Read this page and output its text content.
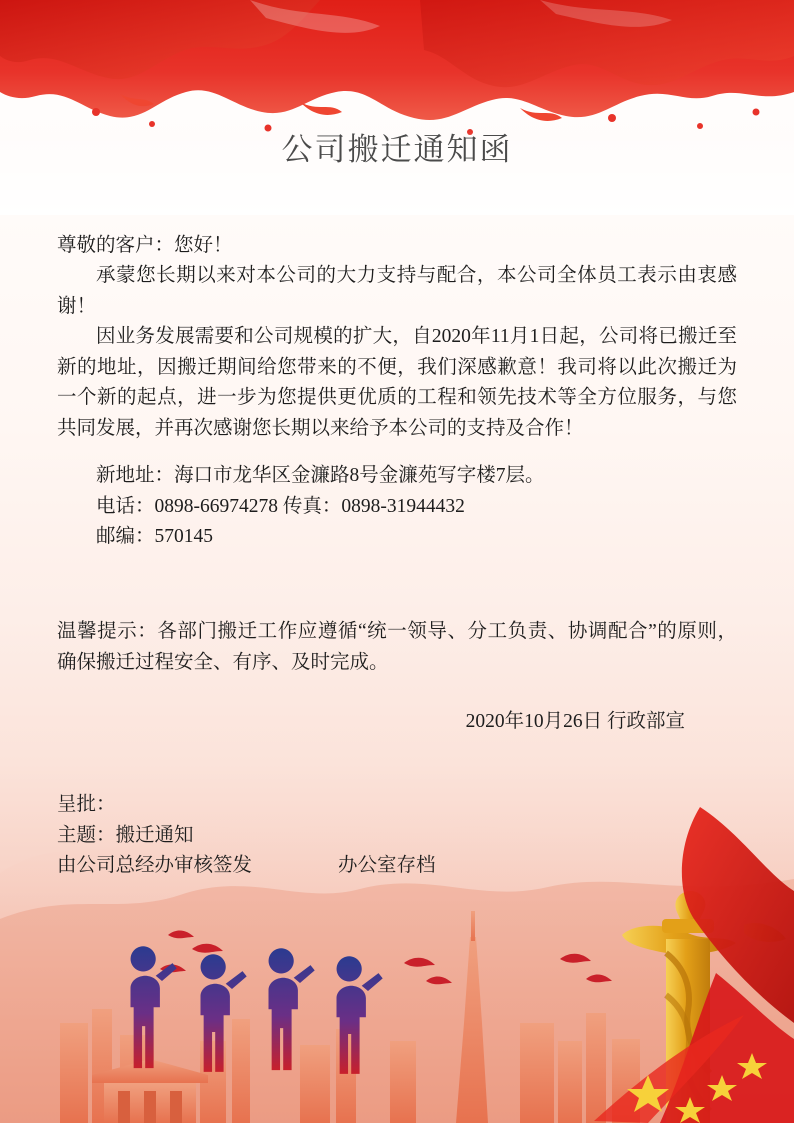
公司搬迁通知函
尊敬的客户：您好！
承蒙您长期以来对本公司的大力支持与配合，本公司全体员工表示由衷感谢！
因业务发展需要和公司规模的扩大，自2020年11月1日起，公司将已搬迁至新的地址，因搬迁期间给您带来的不便，我们深感歉意！我司将以此次搬迁为一个新的起点，进一步为您提供更优质的工程和领先技术等全方位服务，与您共同发展，并再次感谢您长期以来给予本公司的支持及合作！
新地址：海口市龙华区金濂路8号金濂苑写字楼7层。
电话：0898-66974278 传真：0898-31944432
邮编：570145
温馨提示：各部门搬迁工作应遵循“统一领导、分工负责、协调配合”的原则，确保搬迁过程安全、有序、及时完成。
2020年10月26日 行政部宣
呈批：
主题：搬迁通知
由公司总经办审核签发	办公室存档
